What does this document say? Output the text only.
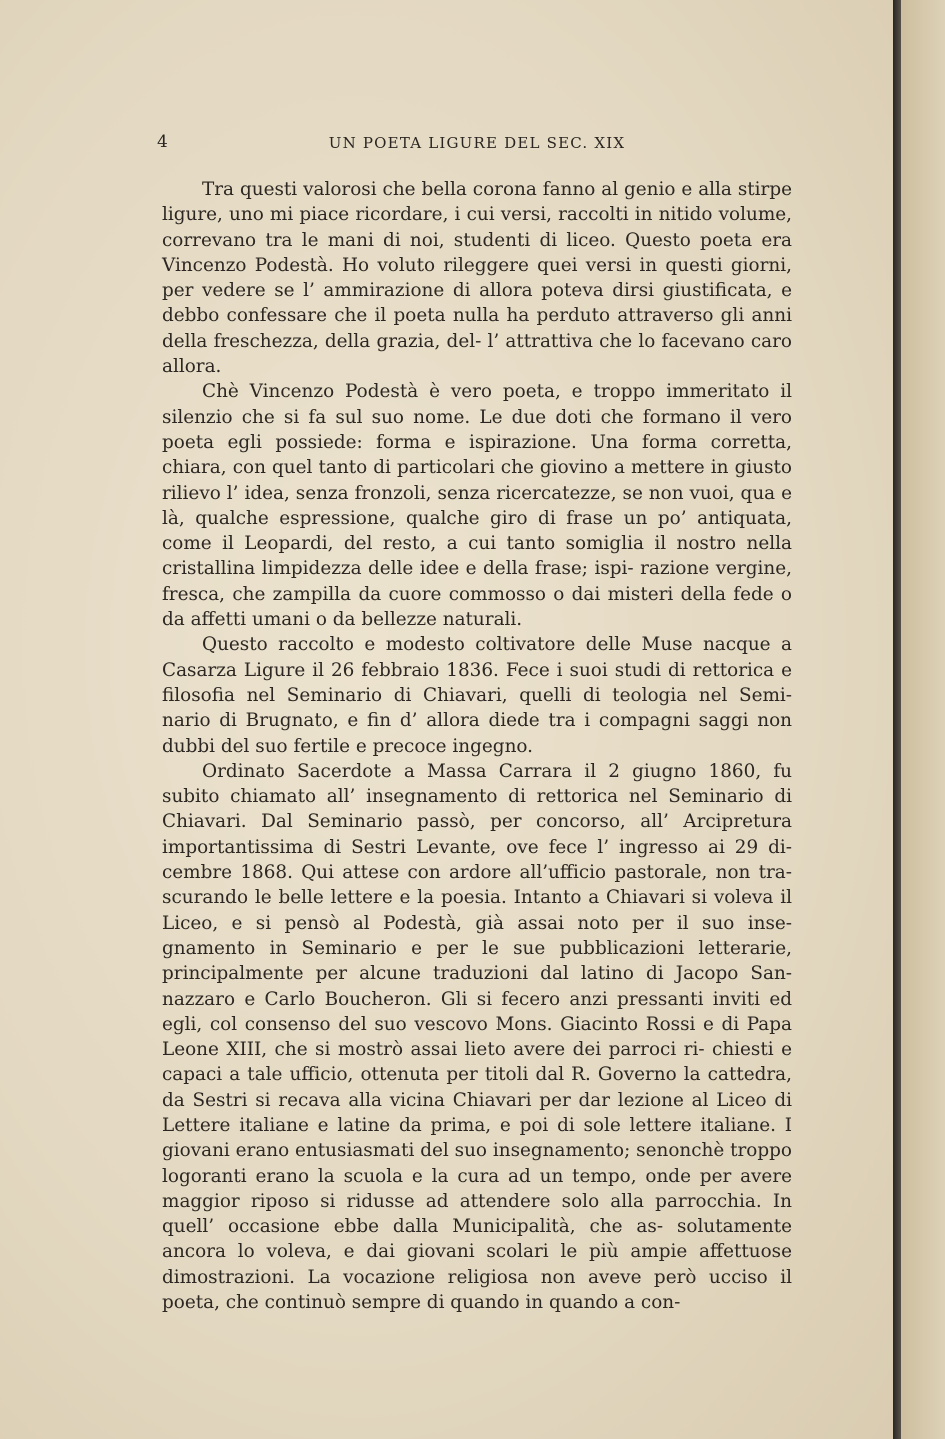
4	UN POETA LIGURE DEL SEC. XIX

Tra questi valorosi che bella corona fanno al genio e alla stirpe ligure, uno mi piace ricordare, i cui versi, raccolti in nitido volume, correvano tra le mani di noi, studenti di liceo. Questo poeta era Vincenzo Podestà. Ho voluto rileggere quei versi in questi giorni, per vedere se l’ ammirazione di allora poteva dirsi giustificata, e debbo confessare che il poeta nulla ha perduto attraverso gli anni della freschezza, della grazia, del- l’ attrattiva che lo facevano caro allora.

Chè Vincenzo Podestà è vero poeta, e troppo immeritato il silenzio che si fa sul suo nome. Le due doti che formano il vero poeta egli possiede: forma e ispirazione. Una forma corretta, chiara, con quel tanto di particolari che giovino a mettere in giusto rilievo l’ idea, senza fronzoli, senza ricercatezze, se non vuoi, qua e là, qualche espressione, qualche giro di frase un po’ antiquata, come il Leopardi, del resto, a cui tanto somiglia il nostro nella cristallina limpidezza delle idee e della frase; ispi- razione vergine, fresca, che zampilla da cuore commosso o dai misteri della fede o da affetti umani o da bellezze naturali.

Questo raccolto e modesto coltivatore delle Muse nacque a Casarza Ligure il 26 febbraio 1836. Fece i suoi studi di rettorica e filosofia nel Seminario di Chiavari, quelli di teologia nel Semi- nario di Brugnato, e fin d’ allora diede tra i compagni saggi non dubbi del suo fertile e precoce ingegno.

Ordinato Sacerdote a Massa Carrara il 2 giugno 1860, fu subito chiamato all’ insegnamento di rettorica nel Seminario di Chiavari. Dal Seminario passò, per concorso, all’ Arcipretura importantissima di Sestri Levante, ove fece l’ ingresso ai 29 di- cembre 1868. Qui attese con ardore all’ufficio pastorale, non tra- scurando le belle lettere e la poesia. Intanto a Chiavari si voleva il Liceo, e si pensò al Podestà, già assai noto per il suo inse- gnamento in Seminario e per le sue pubblicazioni letterarie, principalmente per alcune traduzioni dal latino di Jacopo San- nazzaro e Carlo Boucheron. Gli si fecero anzi pressanti inviti ed egli, col consenso del suo vescovo Mons. Giacinto Rossi e di Papa Leone XIII, che si mostrò assai lieto avere dei parroci ri- chiesti e capaci a tale ufficio, ottenuta per titoli dal R. Governo la cattedra, da Sestri si recava alla vicina Chiavari per dar lezione al Liceo di Lettere italiane e latine da prima, e poi di sole lettere italiane. I giovani erano entusiasmati del suo insegnamento; senonchè troppo logoranti erano la scuola e la cura ad un tempo, onde per avere maggior riposo si ridusse ad attendere solo alla parrocchia. In quell’ occasione ebbe dalla Municipalità, che as- solutamente ancora lo voleva, e dai giovani scolari le più ampie affettuose dimostrazioni. La vocazione religiosa non aveve però ucciso il poeta, che continuò sempre di quando in quando a con-
